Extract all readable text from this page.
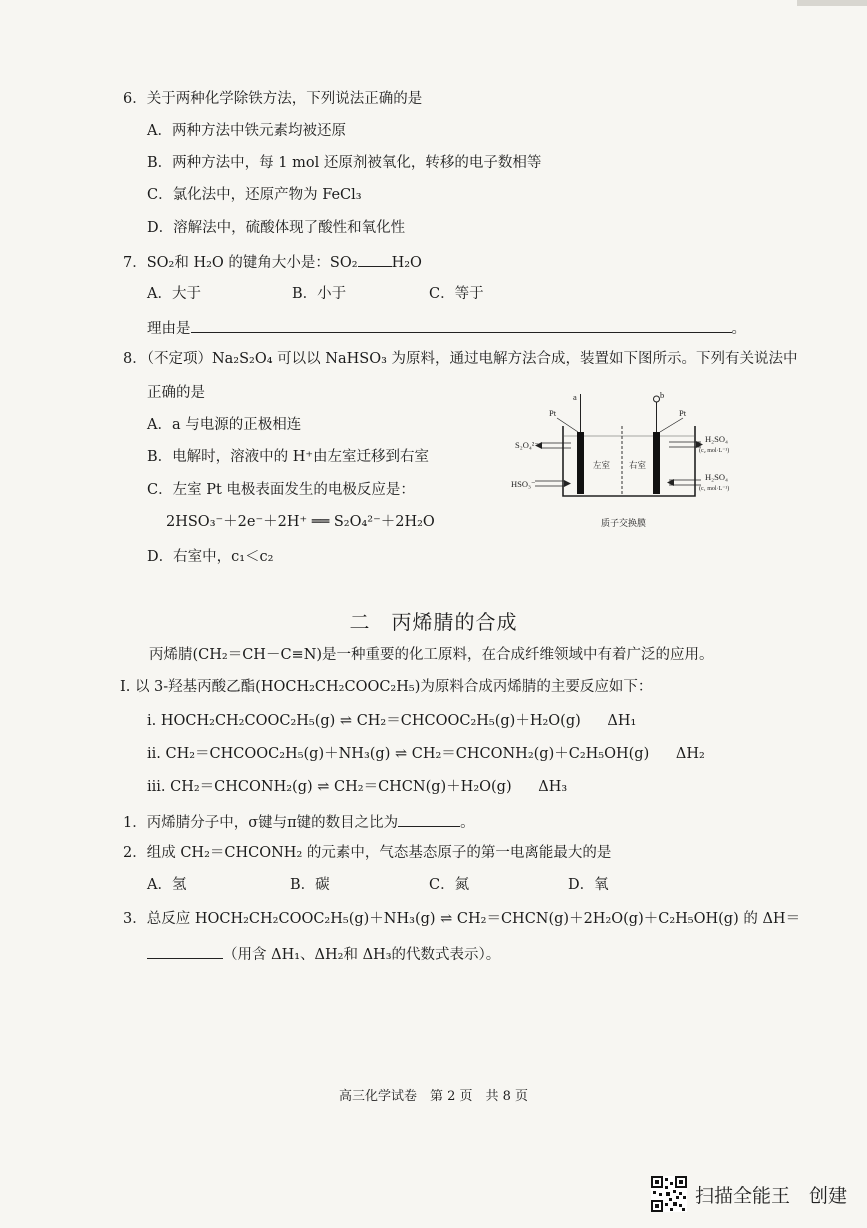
6．关于两种化学除铁方法，下列说法正确的是
A．两种方法中铁元素均被还原
B．两种方法中，每 1 mol 还原剂被氧化，转移的电子数相等
C．氯化法中，还原产物为 FeCl₃
D．溶解法中，硫酸体现了酸性和氧化性
7．SO₂和 H₂O 的键角大小是：SO₂ H₂O
A．大于	B．小于	C．等于
理由是	。
8．（不定项）Na₂S₂O₄ 可以以 NaHSO₃ 为原料，通过电解方法合成，装置如下图所示。下列有关说法中
正确的是
A．a 与电源的正极相连
B．电解时，溶液中的 H⁺由左室迁移到右室
C．左室 Pt 电极表面发生的电极反应是：
2HSO₃⁻＋2e⁻＋2H⁺ ══ S₂O₄²⁻＋2H₂O
D．右室中，c₁＜c₂
a	b
Pt	Pt
S₂O₄²⁻
HSO₃⁻
H₂SO₄
(c₂ mol·L⁻¹)
H₂SO₄
(c₁ mol·L⁻¹)
左室 右室
质子交换膜
二　丙烯腈的合成
丙烯腈(CH₂＝CH－C≡N)是一种重要的化工原料，在合成纤维领域中有着广泛的应用。
I. 以 3-羟基丙酸乙酯(HOCH₂CH₂COOC₂H₅)为原料合成丙烯腈的主要反应如下：
i. HOCH₂CH₂COOC₂H₅(g) ⇌ CH₂＝CHCOOC₂H₅(g)＋H₂O(g) ΔH₁
ii. CH₂＝CHCOOC₂H₅(g)＋NH₃(g) ⇌ CH₂＝CHCONH₂(g)＋C₂H₅OH(g) ΔH₂
iii. CH₂＝CHCONH₂(g) ⇌ CH₂＝CHCN(g)＋H₂O(g) ΔH₃
1．丙烯腈分子中，σ键与π键的数目之比为	。
2．组成 CH₂＝CHCONH₂ 的元素中，气态基态原子的第一电离能最大的是
A．氢	B．碳	C．氮	D．氧
3．总反应 HOCH₂CH₂COOC₂H₅(g)＋NH₃(g) ⇌ CH₂＝CHCN(g)＋2H₂O(g)＋C₂H₅OH(g) 的 ΔH＝
（用含 ΔH₁、ΔH₂和 ΔH₃的代数式表示）。
高三化学试卷　第 2 页　共 8 页
扫描全能王　创建
